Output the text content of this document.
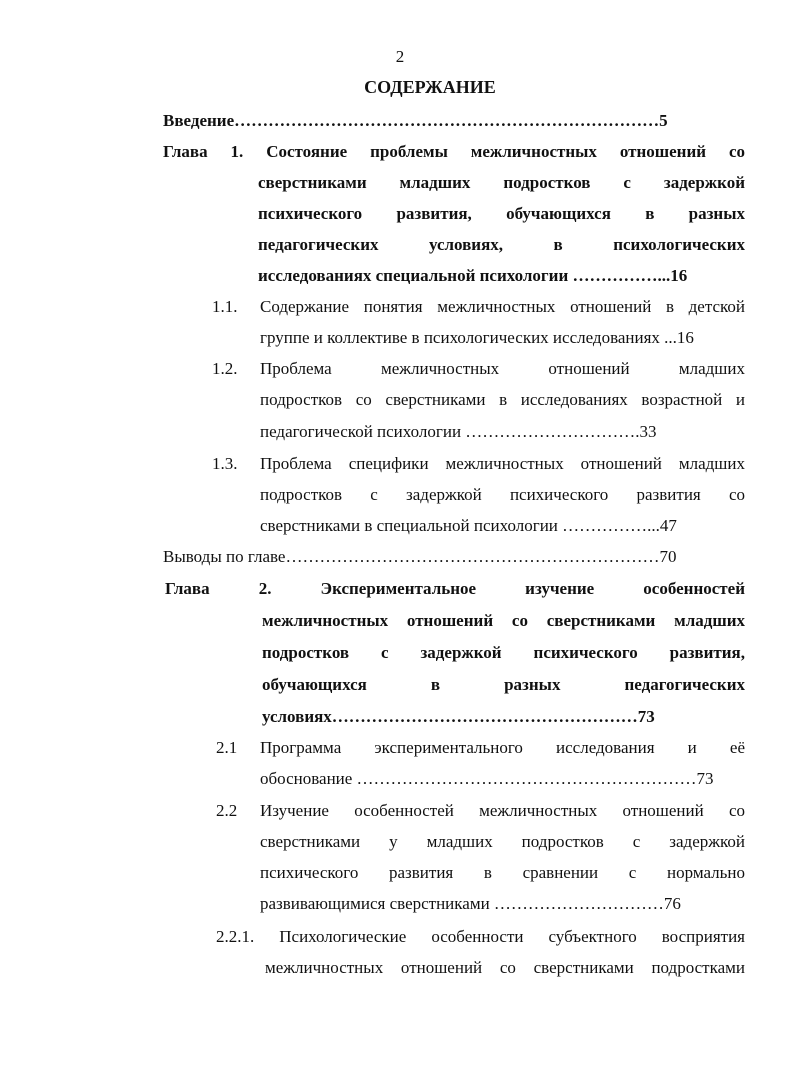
2
СОДЕРЖАНИЕ
Введение…………………………………………………………………5
Глава 1. Состояние проблемы межличностных отношений со
сверстниками младших подростков с задержкой
психического развития, обучающихся в разных
педагогических условиях, в психологических
исследованиях специальной психологии ……………...16
1.1. Содержание понятия межличностных отношений в детской
группе и коллективе в психологических исследованиях ...16
1.2. Проблема межличностных отношений младших
подростков со сверстниками в исследованиях возрастной и
педагогической психологии ………………………….33
1.3. Проблема специфики межличностных отношений младших
подростков с задержкой психического развития со
сверстниками в специальной психологии ……………...47
Выводы по главе…………………………………………………………70
Глава 2. Экспериментальное изучение особенностей
межличностных отношений со сверстниками младших
подростков с задержкой психического развития,
обучающихся в разных педагогических
условиях………………………………………………73
2.1 Программа экспериментального исследования и её
обоснование ……………………………………………………73
2.2 Изучение особенностей межличностных отношений со
сверстниками у младших подростков с задержкой
психического развития в сравнении с нормально
развивающимися сверстниками …………………………76
2.2.1. Психологические особенности субъектного восприятия
межличностных отношений со сверстниками подростками
